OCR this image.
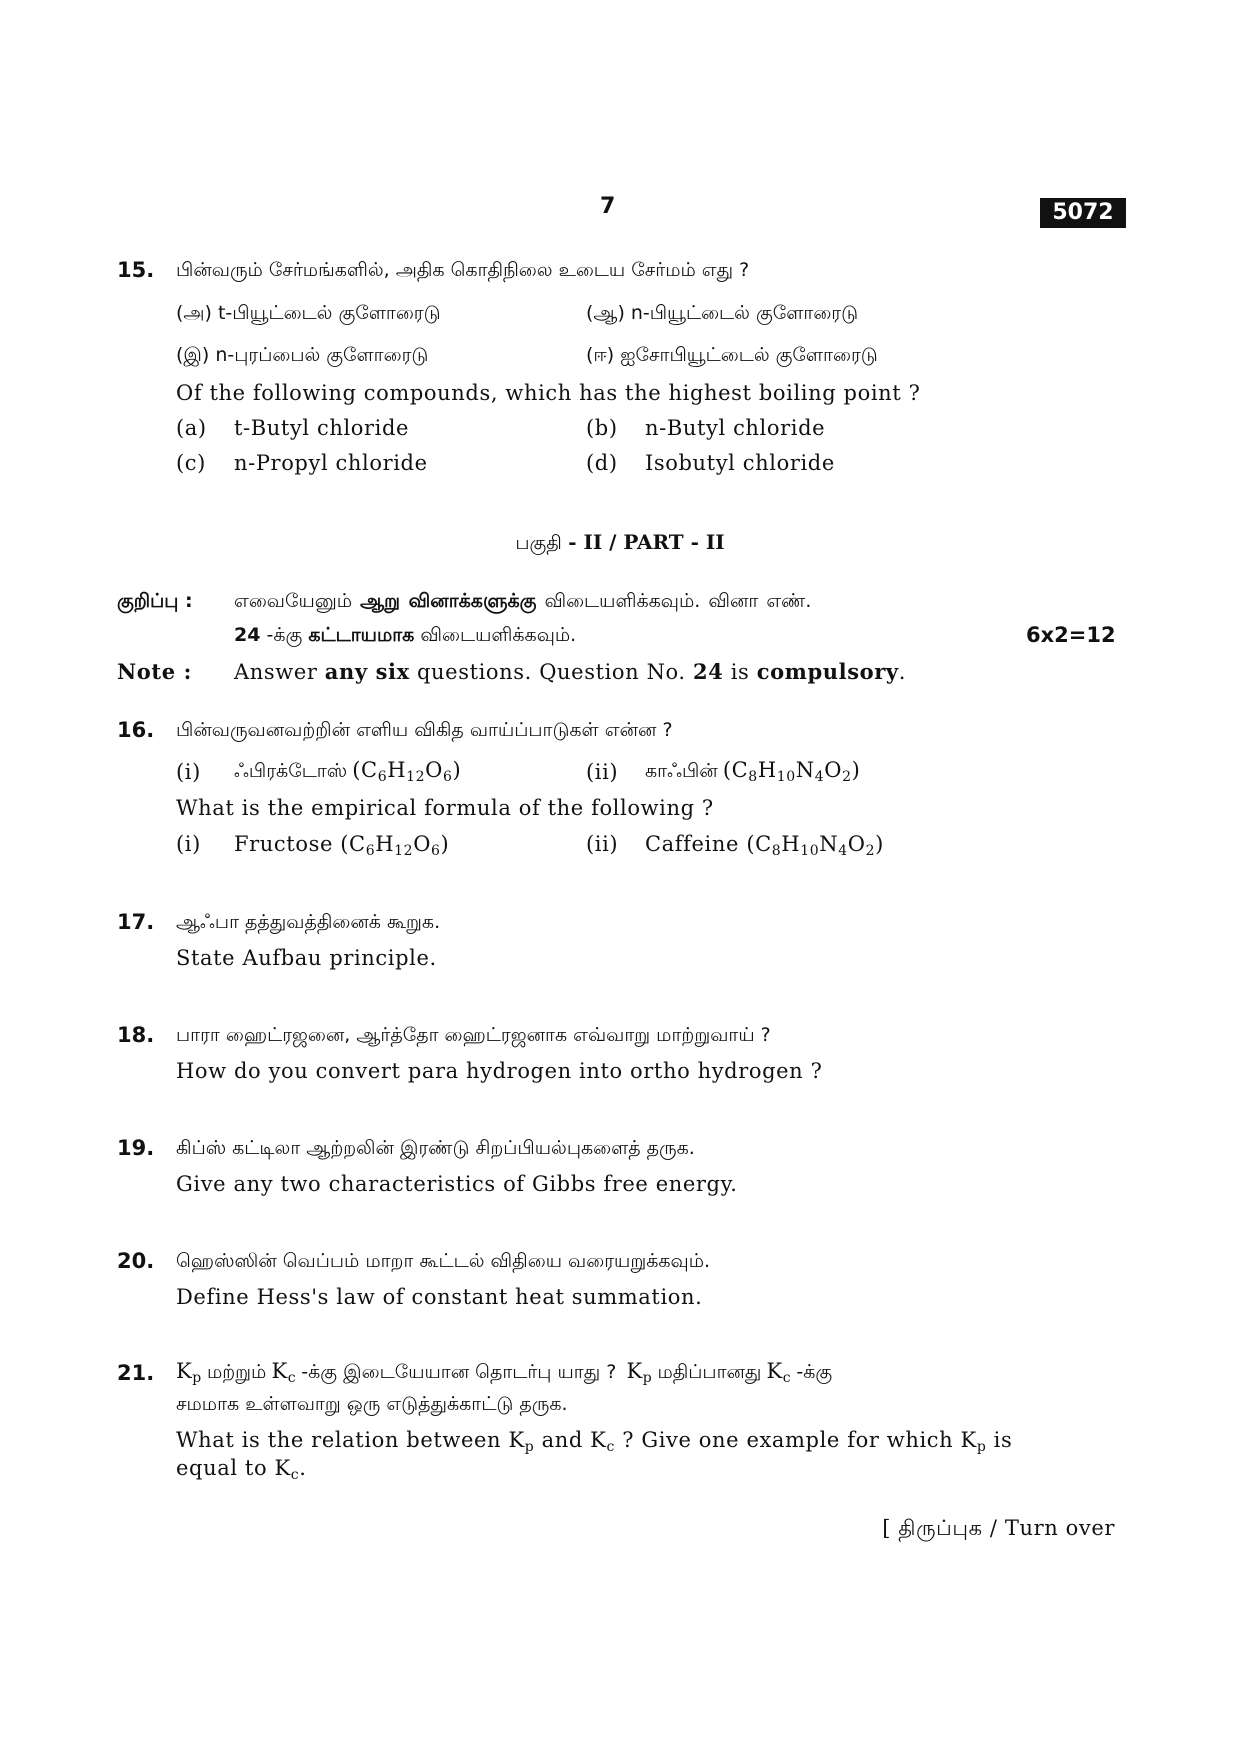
7	5072
15. பின்வரும் சேர்மங்களில், அதிக கொதிநிலை உடைய சேர்மம் எது ?
(அ) t-பியூட்டைல் குளோரைடு	(ஆ) n-பியூட்டைல் குளோரைடு
(இ) n-புரப்பைல் குளோரைடு	(ஈ) ஐசோபியூட்டைல் குளோரைடு
Of the following compounds, which has the highest boiling point ?
(a) t-Butyl chloride	(b) n-Butyl chloride
(c) n-Propyl chloride	(d) Isobutyl chloride
பகுதி - II / PART - II
குறிப்பு : எவையேனும் ஆறு வினாக்களுக்கு விடையளிக்கவும். வினா எண்.
24 -க்கு கட்டாயமாக விடையளிக்கவும்.	6x2=12
Note : Answer any six questions. Question No. 24 is compulsory.
16. பின்வருவனவற்றின் எளிய விகித வாய்ப்பாடுகள் என்ன ?
(i) ஃபிரக்டோஸ் $(C_6H_{12}O_6)$	(ii) காஃபின் $(C_8H_{10}N_4O_2)$
What is the empirical formula of the following ?
(i) Fructose $(C_6H_{12}O_6)$	(ii) Caffeine $(C_8H_{10}N_4O_2)$
17. ஆஃபா தத்துவத்தினைக் கூறுக.
State Aufbau principle.
18. பாரா ஹைட்ரஜனை, ஆர்த்தோ ஹைட்ரஜனாக எவ்வாறு மாற்றுவாய் ?
How do you convert para hydrogen into ortho hydrogen ?
19. கிப்ஸ் கட்டிலா ஆற்றலின் இரண்டு சிறப்பியல்புகளைத் தருக.
Give any two characteristics of Gibbs free energy.
20. ஹெஸ்ஸின் வெப்பம் மாறா கூட்டல் விதியை வரையறுக்கவும்.
Define Hess's law of constant heat summation.
21. $K_p$ மற்றும் $K_c$ -க்கு இடையேயான தொடர்பு யாது ? $K_p$ மதிப்பானது $K_c$ -க்கு
சமமாக உள்ளவாறு ஒரு எடுத்துக்காட்டு தருக.
What is the relation between $K_p$ and $K_c$ ? Give one example for which $K_p$ is
equal to $K_c$.
[ திருப்புக / Turn over
